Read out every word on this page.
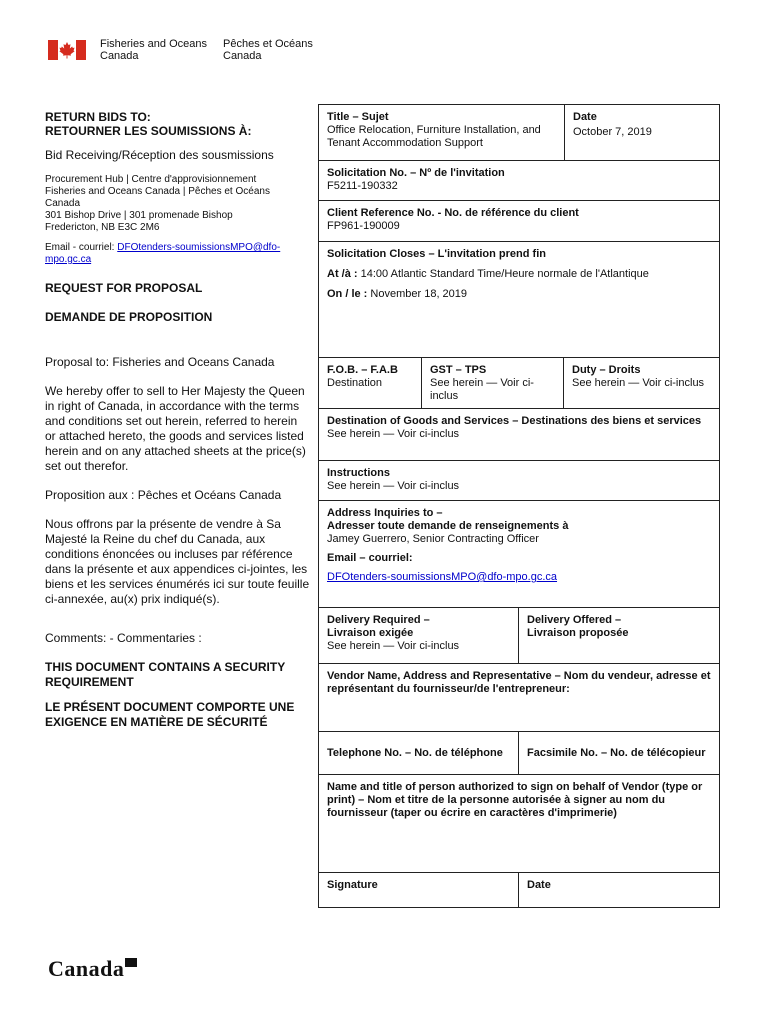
Fisheries and Oceans
Canada
Pêches et Océans
Canada
RETURN BIDS TO:
RETOURNER LES SOUMISSIONS À:
Bid Receiving/Réception des sousmissions
Procurement Hub | Centre d'approvisionnement
Fisheries and Oceans Canada | Pêches et Océans
Canada
301 Bishop Drive | 301 promenade Bishop
Fredericton, NB E3C 2M6
Email - courriel: DFOtenders-soumissionsMPO@dfo-
mpo.gc.ca
REQUEST FOR PROPOSAL
DEMANDE DE PROPOSITION
Proposal to: Fisheries and Oceans Canada
We hereby offer to sell to Her Majesty the Queen in right of Canada, in accordance with the terms and conditions set out herein, referred to herein or attached hereto, the goods and services listed herein and on any attached sheets at the price(s) set out therefor.
Proposition aux : Pêches et Océans Canada
Nous offrons par la présente de vendre à Sa Majesté la Reine du chef du Canada, aux conditions énoncées ou incluses par référence dans la présente et aux appendices ci-jointes, les biens et les services énumérés ici sur toute feuille ci-annexée, au(x) prix indiqué(s).
Comments: - Commentaries :
THIS DOCUMENT CONTAINS A SECURITY REQUIREMENT
LE PRÉSENT DOCUMENT COMPORTE UNE EXIGENCE EN MATIÈRE DE SÉCURITÉ
Title – Sujet
Office Relocation, Furniture Installation, and Tenant Accommodation Support
Date
October 7, 2019
Solicitation No. – Nº de l'invitation
F5211-190332
Client Reference No. - No. de référence du client
FP961-190009
Solicitation Closes – L'invitation prend fin
At /à : 14:00 Atlantic Standard Time/Heure normale de l'Atlantique
On / le : November 18, 2019
F.O.B. – F.A.B
Destination
GST – TPS
See herein — Voir ci-inclus
Duty – Droits
See herein — Voir ci-inclus
Destination of Goods and Services – Destinations des biens et services
See herein — Voir ci-inclus
Instructions
See herein — Voir ci-inclus
Address Inquiries to –
Adresser toute demande de renseignements à
Jamey Guerrero, Senior Contracting Officer
Email – courriel:
DFOtenders-soumissionsMPO@dfo-mpo.gc.ca
Delivery Required –
Livraison exigée
See herein — Voir ci-inclus
Delivery Offered –
Livraison proposée
Vendor Name, Address and Representative – Nom du vendeur, adresse et représentant du fournisseur/de l'entrepreneur:
Telephone No. – No. de téléphone Facsimile No. – No. de télécopieur
Name and title of person authorized to sign on behalf of Vendor (type or print) – Nom et titre de la personne autorisée à signer au nom du fournisseur (taper ou écrire en caractères d'imprimerie)
Signature	Date
Canada
